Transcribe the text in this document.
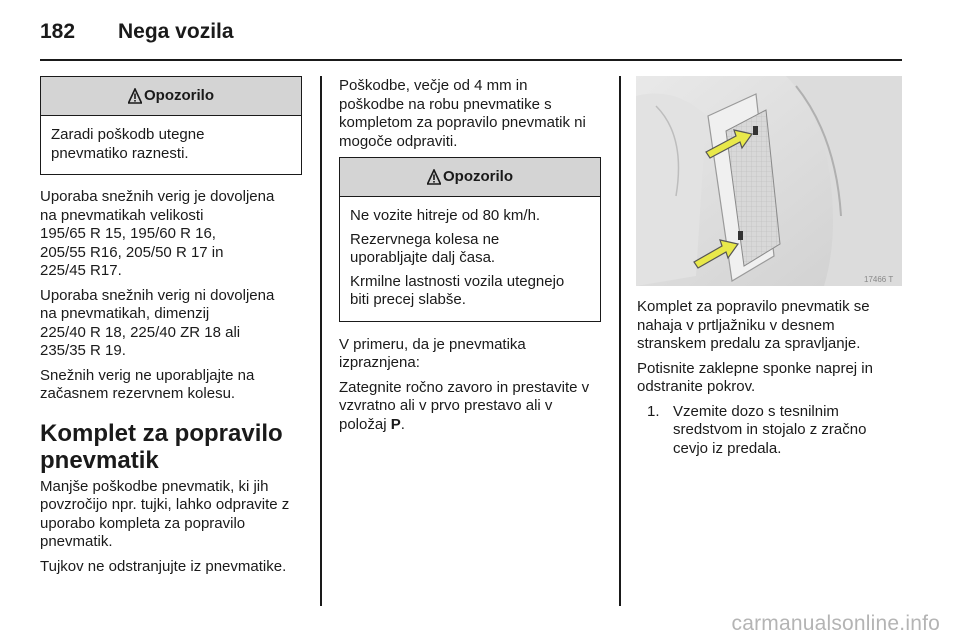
182 Nega vozila
Opozorilo

Zaradi poškodb utegne
pnevmatiko raznesti.

Uporaba snežnih verig je dovoljena
na pnevmatikah velikosti
195/65 R 15, 195/60 R 16,
205/55 R16, 205/50 R 17 in
225/45 R17.

Uporaba snežnih verig ni dovoljena
na pnevmatikah, dimenzij
225/40 R 18, 225/40 ZR 18 ali
235/35 R 19.

Snežnih verig ne uporabljajte na
začasnem rezervnem kolesu.

Komplet za popravilo
pnevmatik

Manjše poškodbe pnevmatik, ki jih
povzročijo npr. tujki, lahko odpravite z
uporabo kompleta za popravilo
pnevmatik.

Tujkov ne odstranjujte iz pnevmatike.

Poškodbe, večje od 4 mm in
poškodbe na robu pnevmatike s
kompletom za popravilo pnevmatik ni
mogoče odpraviti.

Opozorilo

Ne vozite hitreje od 80 km/h.

Rezervnega kolesa ne
uporabljajte dalj časa.

Krmilne lastnosti vozila utegnejo
biti precej slabše.

V primeru, da je pnevmatika
izpraznjena:

Zategnite ročno zavoro in prestavite v
vzvratno ali v prvo prestavo ali v
položaj P.

17466 T

Komplet za popravilo pnevmatik se
nahaja v prtljažniku v desnem
stranskem predalu za spravljanje.

Potisnite zaklepne sponke naprej in
odstranite pokrov.

1. Vzemite dozo s tesnilnim
sredstvom in stojalo z zračno
cevjo iz predala.
carmanualsonline.info
